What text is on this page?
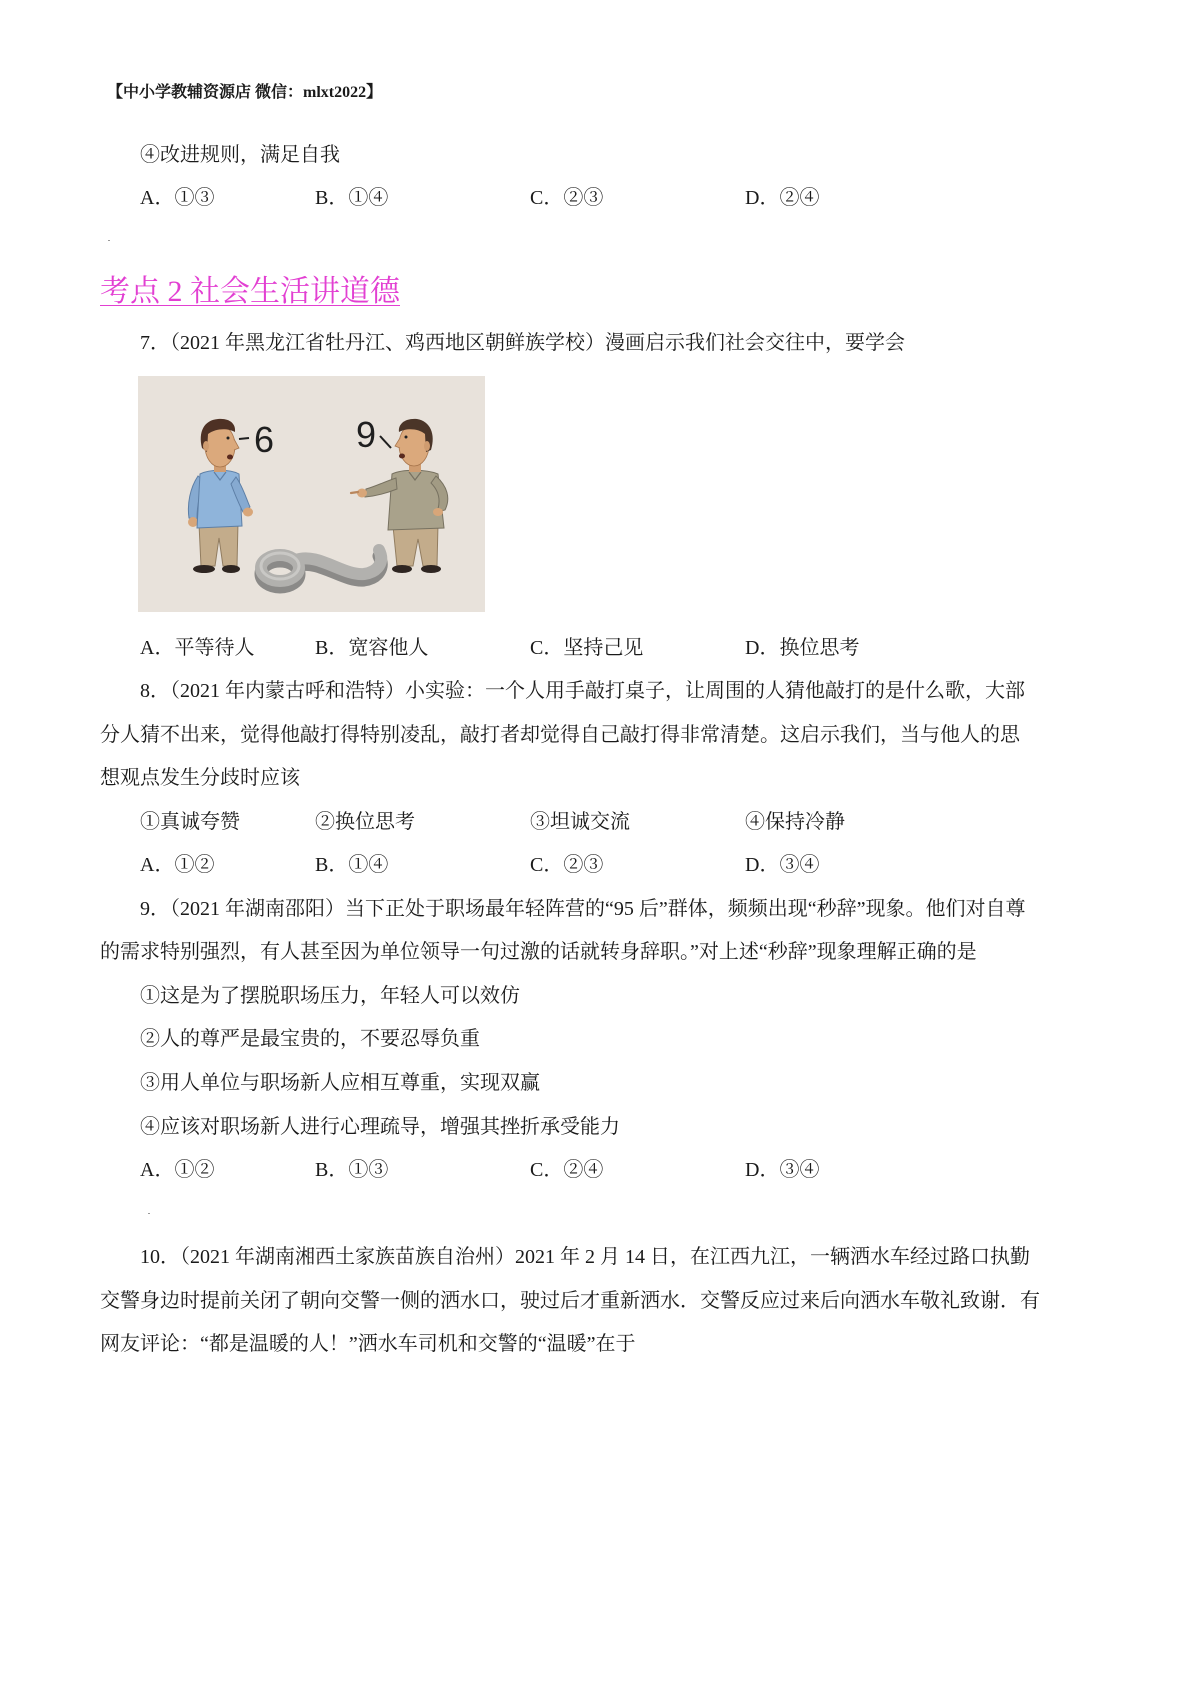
【中小学教辅资源店 微信：mlxt2022】
④改进规则，满足自我
A．①③	B．①④	C．②③	D．②④
考点 2 社会生活讲道德
7．（2021 年黑龙江省牡丹江、鸡西地区朝鲜族学校）漫画启示我们社会交往中，要学会
6 9
A．平等待人	B．宽容他人	C．坚持己见	D．换位思考
8．（2021 年内蒙古呼和浩特）小实验：一个人用手敲打桌子，让周围的人猜他敲打的是什么歌，大部
分人猜不出来，觉得他敲打得特别凌乱，敲打者却觉得自己敲打得非常清楚。这启示我们，当与他人的思
想观点发生分歧时应该
①真诚夸赞	②换位思考	③坦诚交流	④保持冷静
A．①②	B．①④	C．②③	D．③④
9．（2021 年湖南邵阳）当下正处于职场最年轻阵营的“95 后”群体，频频出现“秒辞”现象。他们对自尊
的需求特别强烈，有人甚至因为单位领导一句过激的话就转身辞职。”对上述“秒辞”现象理解正确的是
①这是为了摆脱职场压力，年轻人可以效仿
②人的尊严是最宝贵的，不要忍辱负重
③用人单位与职场新人应相互尊重，实现双赢
④应该对职场新人进行心理疏导，增强其挫折承受能力
A．①②	B．①③	C．②④	D．③④
10．（2021 年湖南湘西土家族苗族自治州）2021 年 2 月 14 日，在江西九江，一辆洒水车经过路口执勤
交警身边时提前关闭了朝向交警一侧的洒水口，驶过后才重新洒水．交警反应过来后向洒水车敬礼致谢．有
网友评论：“都是温暖的人！”洒水车司机和交警的“温暖”在于
